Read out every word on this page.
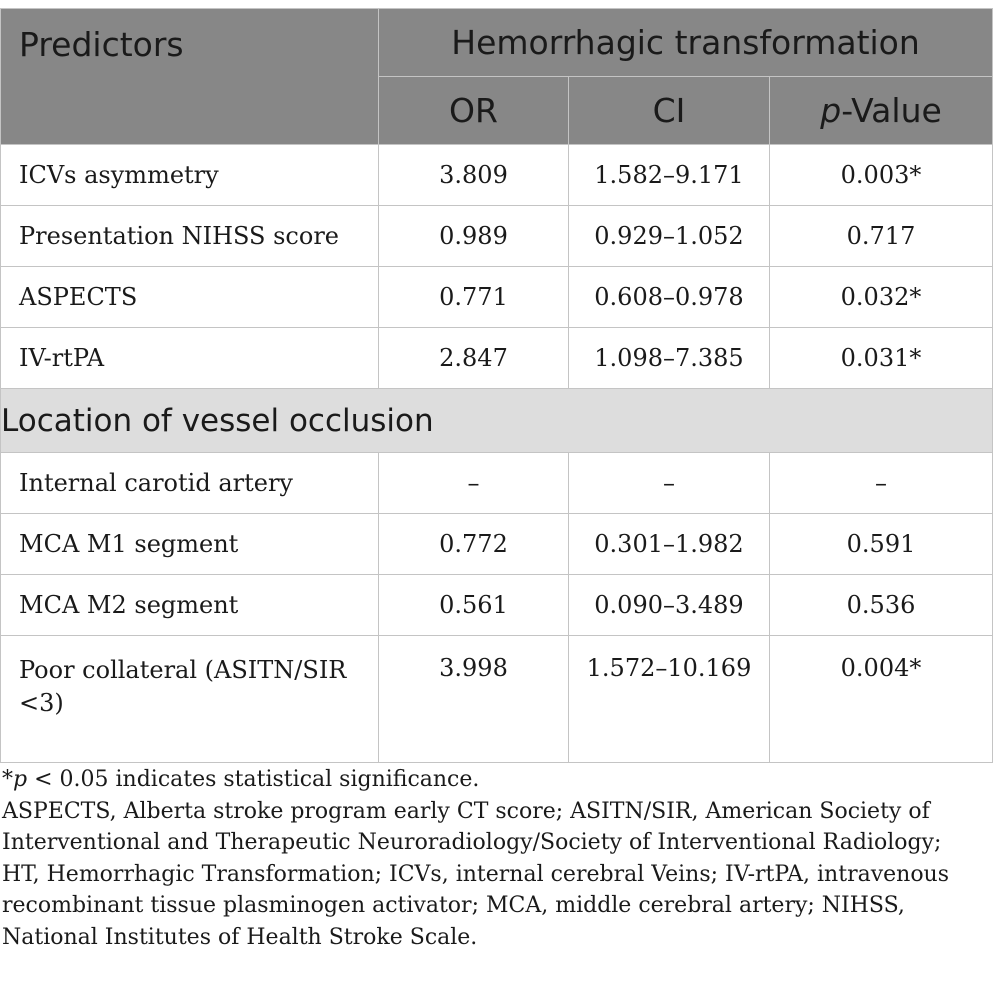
Predictors	Hemorrhagic transformation		
	OR	CI	p-Value
ICVs asymmetry	3.809	1.582–9.171	0.003*
Presentation NIHSS score	0.989	0.929–1.052	0.717
ASPECTS	0.771	0.608–0.978	0.032*
IV-rtPA	2.847	1.098–7.385	0.031*
Location of vessel occlusion			
Internal carotid artery	–	–	–
MCA M1 segment	0.772	0.301–1.982	0.591
MCA M2 segment	0.561	0.090–3.489	0.536
Poor collateral (ASITN/SIR <3)	3.998	1.572–10.169	0.004*

*p < 0.05 indicates statistical significance.

ASPECTS, Alberta stroke program early CT score; ASITN/SIR, American Society of Interventional and Therapeutic Neuroradiology/Society of Interventional Radiology; HT, Hemorrhagic Transformation; ICVs, internal cerebral Veins; IV-rtPA, intravenous recombinant tissue plasminogen activator; MCA, middle cerebral artery; NIHSS, National Institutes of Health Stroke Scale.
